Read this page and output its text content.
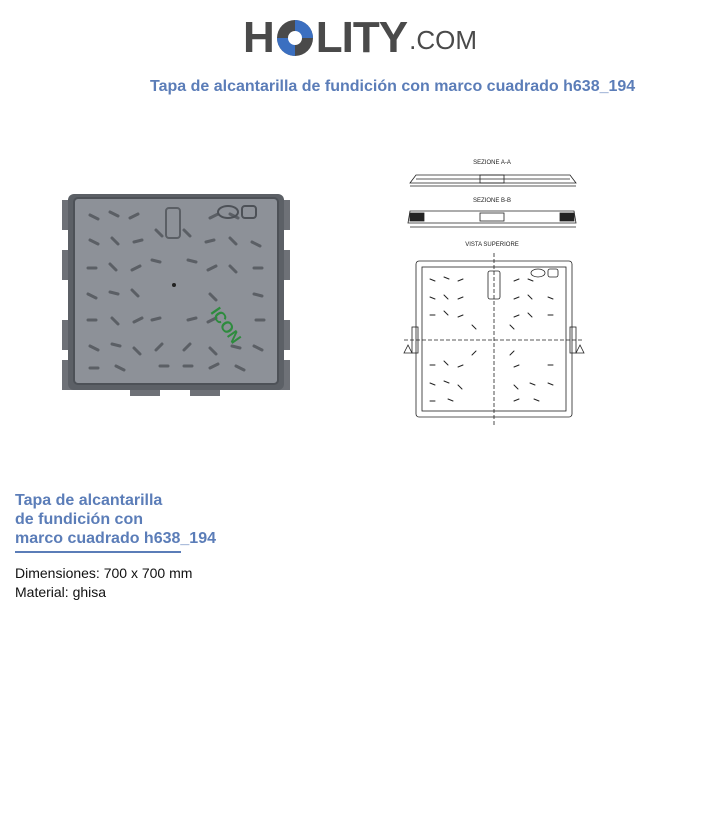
H LITY .COM
Tapa de alcantarilla de fundición con marco cuadrado h638_194
ICON
SEZIONE A-A
SEZIONE B-B
VISTA SUPERIORE
Tapa de alcantarilla
de fundición con
marco cuadrado h638_194
Dimensiones: 700 x 700 mm
Material: ghisa
